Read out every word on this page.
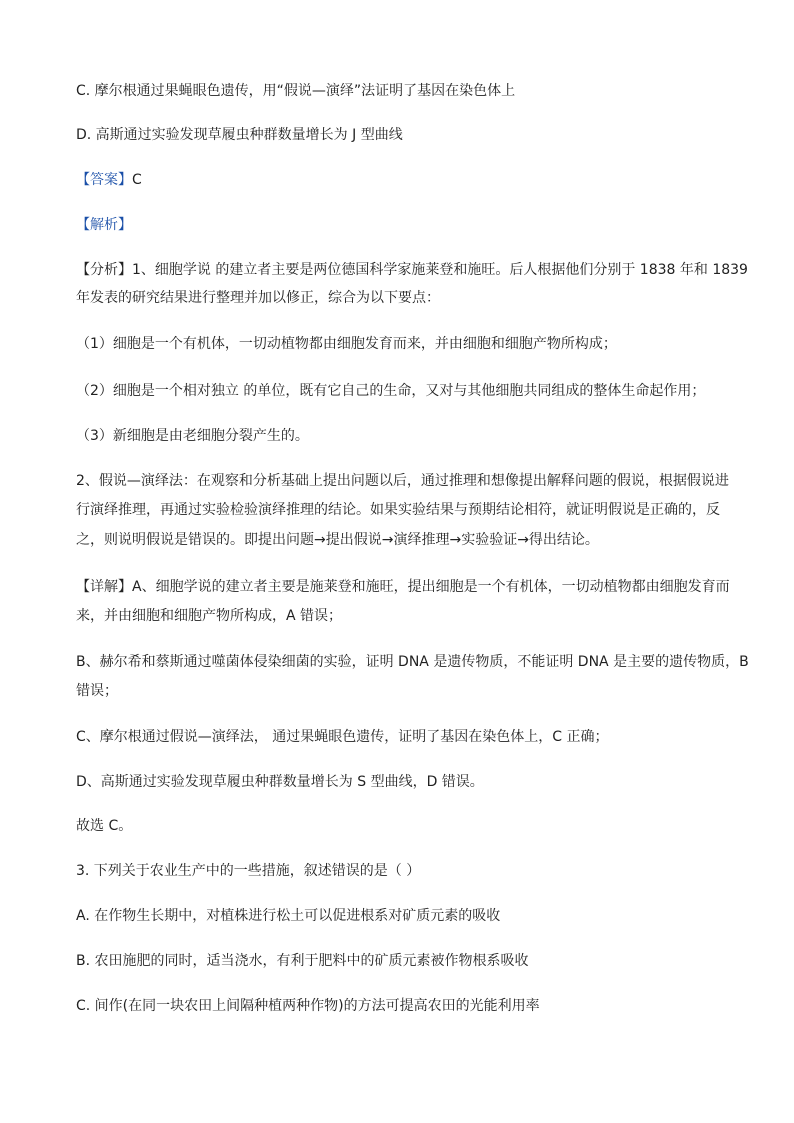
C. 摩尔根通过果蝇眼色遗传，用“假说—演绎”法证明了基因在染色体上
D. 高斯通过实验发现草履虫种群数量增长为 J 型曲线
【答案】C
【解析】
【分析】1、细胞学说 的建立者主要是两位德国科学家施莱登和施旺。后人根据他们分别于 1838 年和 1839
年发表的研究结果进行整理并加以修正，综合为以下要点：
（1）细胞是一个有机体，一切动植物都由细胞发育而来，并由细胞和细胞产物所构成；
（2）细胞是一个相对独立 的单位，既有它自己的生命，又对与其他细胞共同组成的整体生命起作用；
（3）新细胞是由老细胞分裂产生的。
2、假说—演绎法：在观察和分析基础上提出问题以后，通过推理和想像提出解释问题的假说，根据假说进
行演绎推理，再通过实验检验演绎推理的结论。如果实验结果与预期结论相符，就证明假说是正确的，反
之，则说明假说是错误的。即提出问题→提出假说→演绎推理→实验验证→得出结论。
【详解】A、细胞学说的建立者主要是施莱登和施旺，提出细胞是一个有机体，一切动植物都由细胞发育而
来，并由细胞和细胞产物所构成，A 错误；
B、赫尔希和蔡斯通过噬菌体侵染细菌的实验，证明 DNA 是遗传物质，不能证明 DNA 是主要的遗传物质，B
错误；
C、摩尔根通过假说—演绎法， 通过果蝇眼色遗传，证明了基因在染色体上，C 正确；
D、高斯通过实验发现草履虫种群数量增长为 S 型曲线，D 错误。
故选 C。
3. 下列关于农业生产中的一些措施，叙述错误的是（ ）
A. 在作物生长期中，对植株进行松土可以促进根系对矿质元素的吸收
B. 农田施肥的同时，适当浇水，有利于肥料中的矿质元素被作物根系吸收
C. 间作(在同一块农田上间隔种植两种作物)的方法可提高农田的光能利用率
